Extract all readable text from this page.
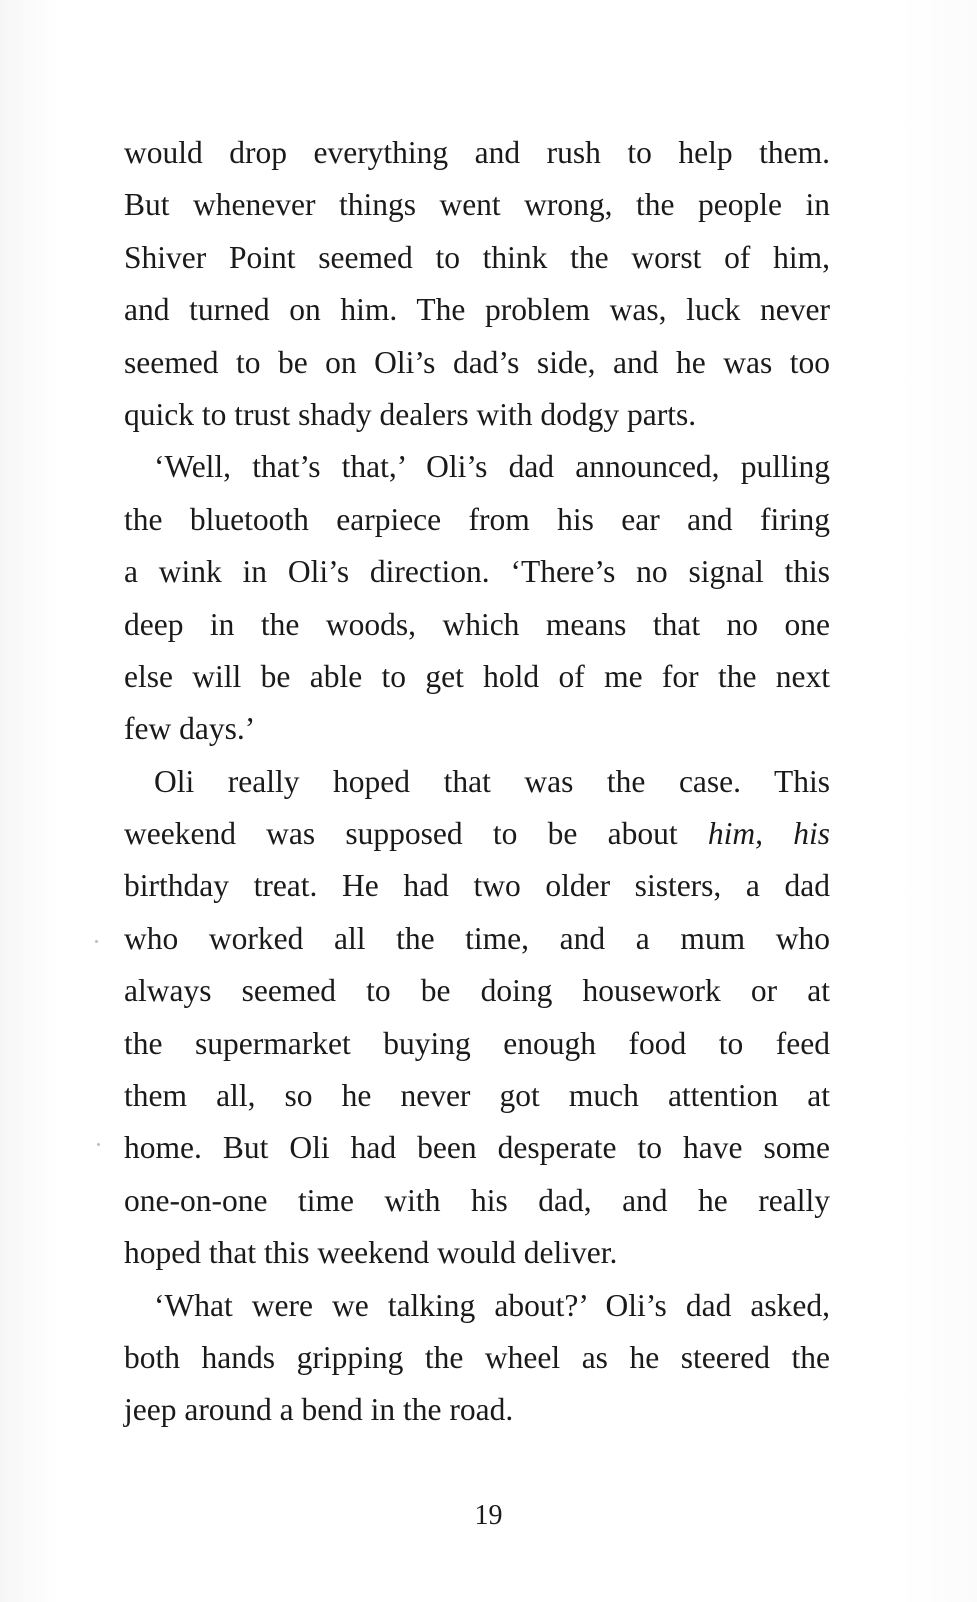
would drop everything and rush to help them.
But whenever things went wrong, the people in
Shiver Point seemed to think the worst of him,
and turned on him. The problem was, luck never
seemed to be on Oli’s dad’s side, and he was too
quick to trust shady dealers with dodgy parts.
‘Well, that’s that,’ Oli’s dad announced, pulling
the bluetooth earpiece from his ear and firing
a wink in Oli’s direction. ‘There’s no signal this
deep in the woods, which means that no one
else will be able to get hold of me for the next
few days.’
Oli really hoped that was the case. This
weekend was supposed to be about him, his
birthday treat. He had two older sisters, a dad
who worked all the time, and a mum who
always seemed to be doing housework or at
the supermarket buying enough food to feed
them all, so he never got much attention at
home. But Oli had been desperate to have some
one-on-one time with his dad, and he really
hoped that this weekend would deliver.
‘What were we talking about?’ Oli’s dad asked,
both hands gripping the wheel as he steered the
jeep around a bend in the road.
19
